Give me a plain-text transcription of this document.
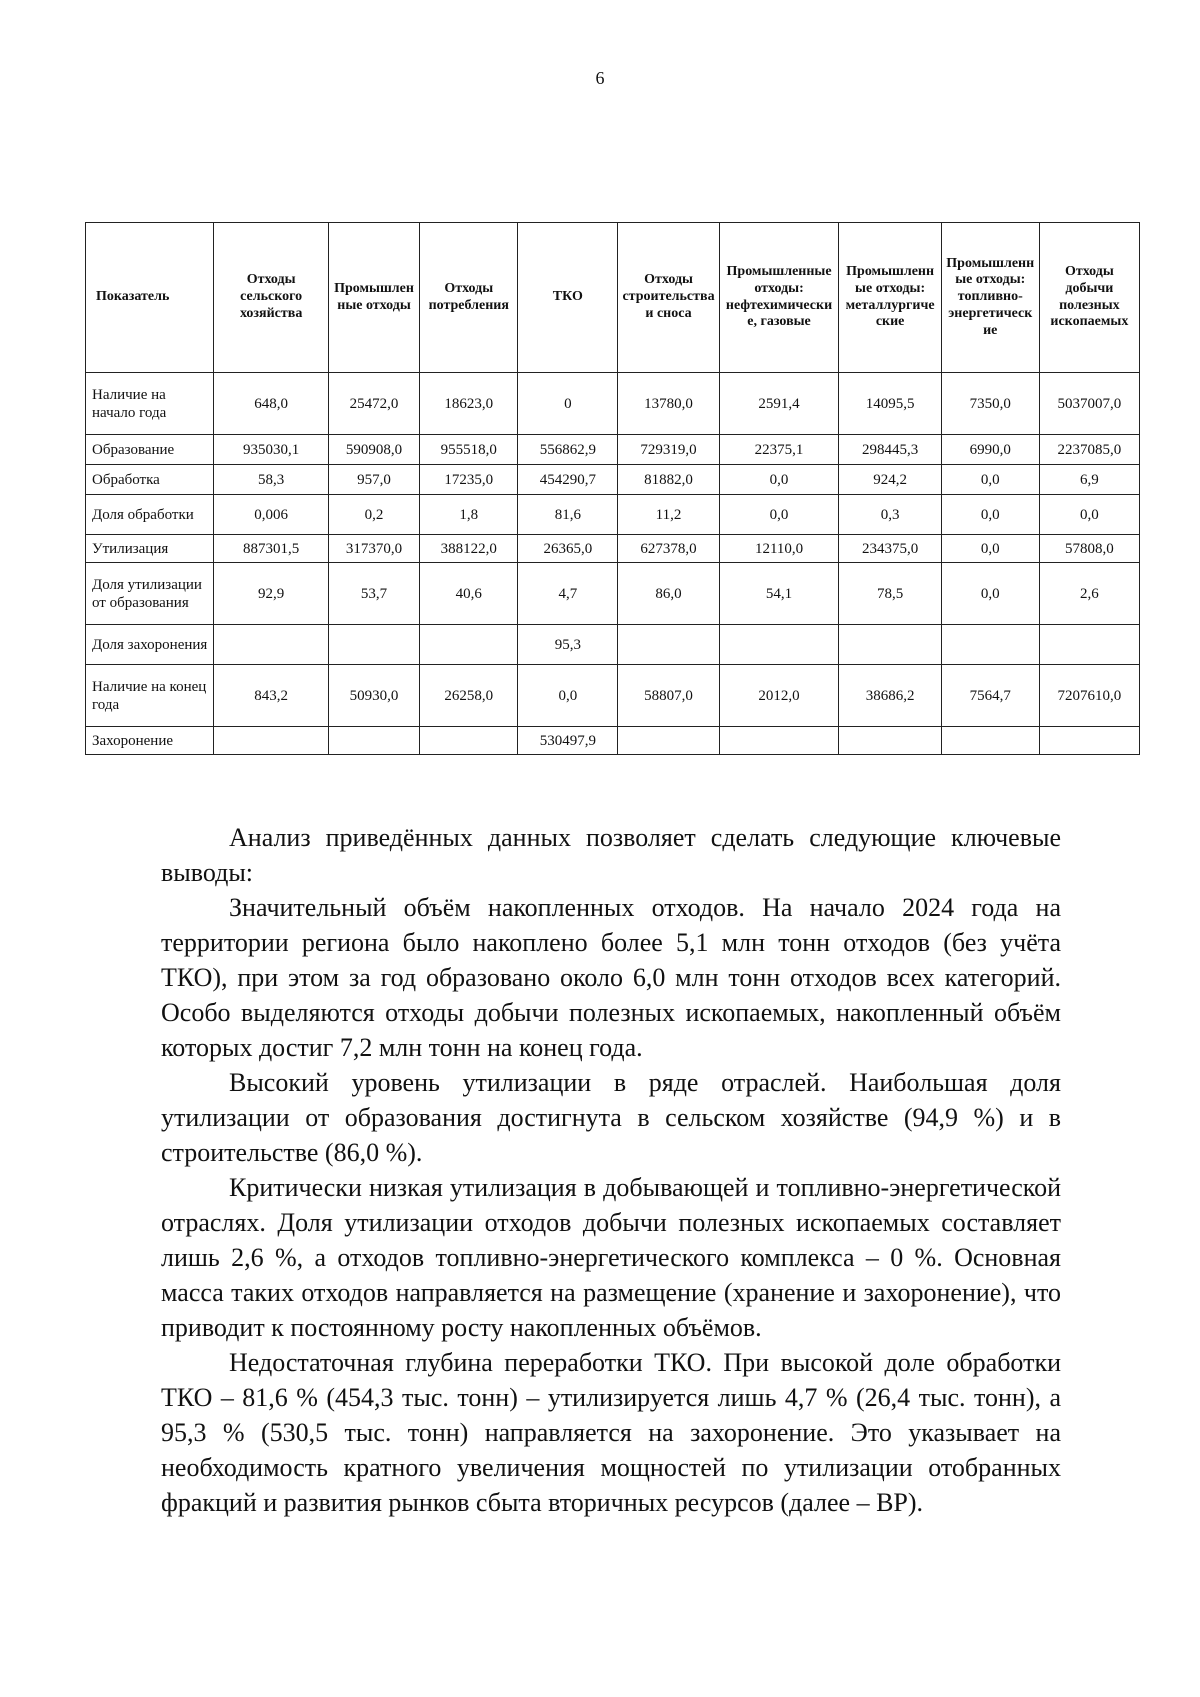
6
Показатель	Отходы сельского хозяйства	Промышленные отходы	Отходы потребления	ТКО	Отходы строительства и сноса	Промышленные отходы: нефтехимические, газовые	Промышленные отходы: металлургические	Промышленные отходы: топливно-энергетические	Отходы добычи полезных ископаемых
Наличие на начало года	648,0	25472,0	18623,0	0	13780,0	2591,4	14095,5	7350,0	5037007,0
Образование	935030,1	590908,0	955518,0	556862,9	729319,0	22375,1	298445,3	6990,0	2237085,0
Обработка	58,3	957,0	17235,0	454290,7	81882,0	0,0	924,2	0,0	6,9
Доля обработки	0,006	0,2	1,8	81,6	11,2	0,0	0,3	0,0	0,0
Утилизация	887301,5	317370,0	388122,0	26365,0	627378,0	12110,0	234375,0	0,0	57808,0
Доля утилизации от образования	92,9	53,7	40,6	4,7	86,0	54,1	78,5	0,0	2,6
Доля захоронения				95,3					
Наличие на конец года	843,2	50930,0	26258,0	0,0	58807,0	2012,0	38686,2	7564,7	7207610,0
Захоронение				530497,9					

Анализ приведённых данных позволяет сделать следующие ключевые выводы:

Значительный объём накопленных отходов. На начало 2024 года на территории региона было накоплено более 5,1 млн тонн отходов (без учёта ТКО), при этом за год образовано около 6,0 млн тонн отходов всех категорий. Особо выделяются отходы добычи полезных ископаемых, накопленный объём которых достиг 7,2 млн тонн на конец года.

Высокий уровень утилизации в ряде отраслей. Наибольшая доля утилизации от образования достигнута в сельском хозяйстве (94,9 %) и в строительстве (86,0 %).

Критически низкая утилизация в добывающей и топливно-энергетической отраслях. Доля утилизации отходов добычи полезных ископаемых составляет лишь 2,6 %, а отходов топливно-энергетического комплекса – 0 %. Основная масса таких отходов направляется на размещение (хранение и захоронение), что приводит к постоянному росту накопленных объёмов.

Недостаточная глубина переработки ТКО. При высокой доле обработки ТКО – 81,6 % (454,3 тыс. тонн) – утилизируется лишь 4,7 % (26,4 тыс. тонн), а 95,3 % (530,5 тыс. тонн) направляется на захоронение. Это указывает на необходимость кратного увеличения мощностей по утилизации отобранных фракций и развития рынков сбыта вторичных ресурсов (далее – ВР).
